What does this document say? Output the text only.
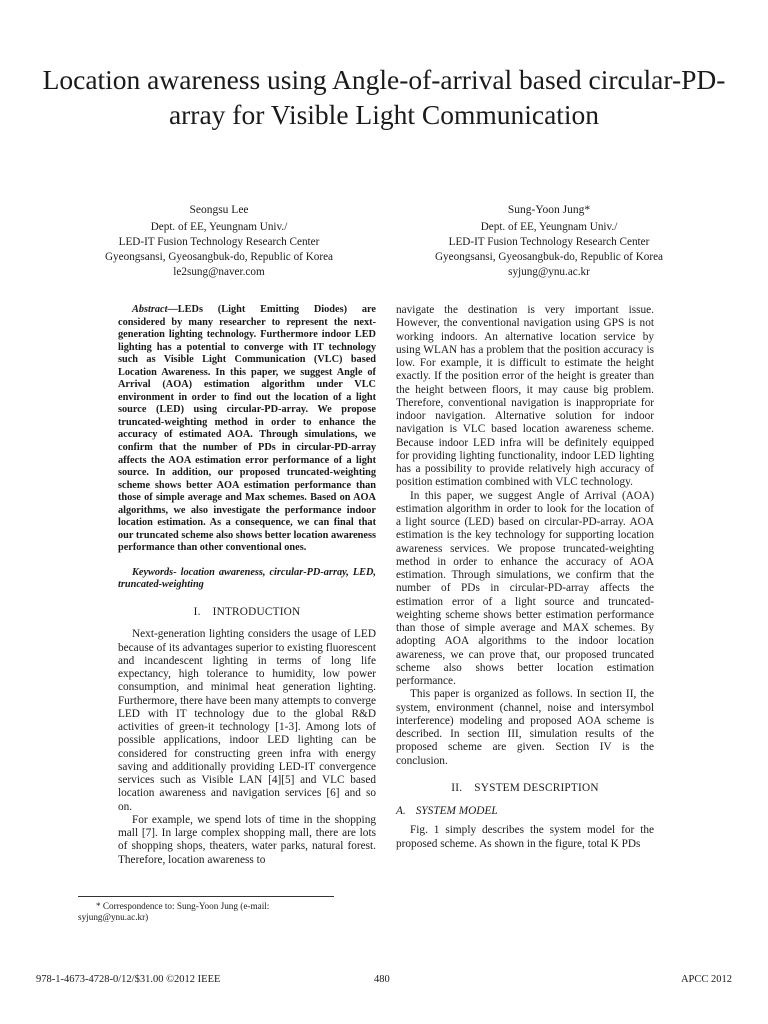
Location awareness using Angle-of-arrival based circular-PD-array for Visible Light Communication
Seongsu Lee
Dept. of EE, Yeungnam Univ./
LED-IT Fusion Technology Research Center
Gyeongsansi, Gyeosangbuk-do, Republic of Korea
le2sung@naver.com
Sung-Yoon Jung*
Dept. of EE, Yeungnam Univ./
LED-IT Fusion Technology Research Center
Gyeongsansi, Gyeosangbuk-do, Republic of Korea
syjung@ynu.ac.kr

Abstract—LEDs (Light Emitting Diodes) are considered by many researcher to represent the next-generation lighting technology. Furthermore indoor LED lighting has a potential to converge with IT technology such as Visible Light Communication (VLC) based Location Awareness. In this paper, we suggest Angle of Arrival (AOA) estimation algorithm under VLC environment in order to find out the location of a light source (LED) using circular-PD-array. We propose truncated-weighting method in order to enhance the accuracy of estimated AOA. Through simulations, we confirm that the number of PDs in circular-PD-array affects the AOA estimation error performance of a light source. In addition, our proposed truncated-weighting scheme shows better AOA estimation performance than those of simple average and Max schemes. Based on AOA algorithms, we also investigate the performance indoor location estimation. As a consequence, we can final that our truncated scheme also shows better location awareness performance than other conventional ones.

Keywords- location awareness, circular-PD-array, LED, truncated-weighting

I. INTRODUCTION

Next-generation lighting considers the usage of LED because of its advantages superior to existing fluorescent and incandescent lighting in terms of long life expectancy, high tolerance to humidity, low power consumption, and minimal heat generation lighting. Furthermore, there have been many attempts to converge LED with IT technology due to the global R&D activities of green-it technology [1-3]. Among lots of possible applications, indoor LED lighting can be considered for constructing green infra with energy saving and additionally providing LED-IT convergence services such as Visible LAN [4][5] and VLC based location awareness and navigation services [6] and so on.

For example, we spend lots of time in the shopping mall [7]. In large complex shopping mall, there are lots of shopping shops, theaters, water parks, natural forest. Therefore, location awareness to

navigate the destination is very important issue. However, the conventional navigation using GPS is not working indoors. An alternative location service by using WLAN has a problem that the position accuracy is low. For example, it is difficult to estimate the height exactly. If the position error of the height is greater than the height between floors, it may cause big problem. Therefore, conventional navigation is inappropriate for indoor navigation. Alternative solution for indoor navigation is VLC based location awareness scheme. Because indoor LED infra will be definitely equipped for providing lighting functionality, indoor LED lighting has a possibility to provide relatively high accuracy of position estimation combined with VLC technology.

In this paper, we suggest Angle of Arrival (AOA) estimation algorithm in order to look for the location of a light source (LED) based on circular-PD-array. AOA estimation is the key technology for supporting location awareness services. We propose truncated-weighting method in order to enhance the accuracy of AOA estimation. Through simulations, we confirm that the number of PDs in circular-PD-array affects the estimation error of a light source and truncated-weighting scheme shows better estimation performance than those of simple average and MAX schemes. By adopting AOA algorithms to the indoor location awareness, we can prove that, our proposed truncated scheme also shows better location estimation performance.

This paper is organized as follows. In section II, the system, environment (channel, noise and intersymbol interference) modeling and proposed AOA scheme is described. In section III, simulation results of the proposed scheme are given. Section IV is the conclusion.

II. SYSTEM DESCRIPTION
A. SYSTEM MODEL

Fig. 1 simply describes the system model for the proposed scheme. As shown in the figure, total K PDs

* Correspondence to: Sung-Yoon Jung (e-mail:
syjung@ynu.ac.kr)
978-1-4673-4728-0/12/$31.00 ©2012 IEEE	480	APCC 2012
